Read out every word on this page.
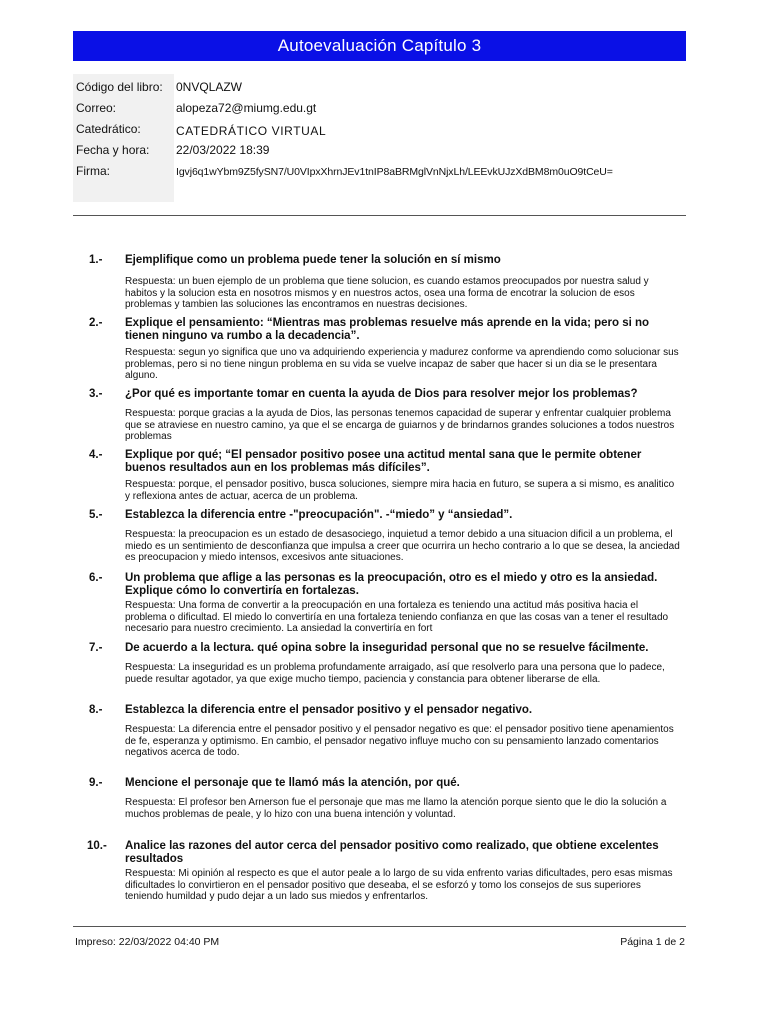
Autoevaluación Capítulo 3
Código del libro: 0NVQLAZW
Correo:	alopeza72@miumg.edu.gt
Catedrático:	CATEDRÁTICO VIRTUAL
Fecha y hora: 22/03/2022 18:39
Firma:	Igvj6q1wYbm9Z5fySN7/U0VIpxXhrnJEv1tnIP8aBRMglVnNjxLh/LEEvkUJzXdBM8m0uO9tCeU=
1.- Ejemplifique como un problema puede tener la solución en sí mismo
Respuesta: un buen ejemplo de un problema que tiene solucion, es cuando estamos preocupados por nuestra salud y habitos y la solucion esta en nosotros mismos y en nuestros actos, osea una forma de encotrar la solucion de esos problemas y tambien las soluciones las encontramos en nuestras decisiones.
2.- Explique el pensamiento: “Mientras mas problemas resuelve más aprende en la vida; pero si no tienen ninguno va rumbo a la decadencia”.
Respuesta: segun yo significa que uno va adquiriendo experiencia y madurez conforme va aprendiendo como solucionar sus problemas, pero si no tiene ningun problema en su vida se vuelve incapaz de saber que hacer si un dia se le presentara alguno.
3.- ¿Por qué es importante tomar en cuenta la ayuda de Dios para resolver mejor los problemas?
Respuesta: porque gracias a la ayuda de Dios, las personas tenemos capacidad de superar y enfrentar cualquier problema que se atraviese en nuestro camino, ya que el se encarga de guiarnos y de brindarnos grandes soluciones a todos nuestros problemas
4.- Explique por qué; “El pensador positivo posee una actitud mental sana que le permite obtener buenos resultados aun en los problemas más difíciles”.
Respuesta: porque, el pensador positivo, busca soluciones, siempre mira hacia en futuro, se supera a si mismo, es analitico y reflexiona antes de actuar, acerca de un problema.
5.- Establezca la diferencia entre -"preocupación". -“miedo” y “ansiedad”.
Respuesta: la preocupacion es un estado de desasociego, inquietud a temor debido a una situacion dificil a un problema, el miedo es un sentimiento de desconfianza que impulsa a creer que ocurrira un hecho contrario a lo que se desea, la anciedad es preocupacion y miedo intensos, excesivos ante situaciones.
6.- Un problema que aflige a las personas es la preocupación, otro es el miedo y otro es la ansiedad. Explique cómo lo convertiría en fortalezas.
Respuesta: Una forma de convertir a la preocupación en una fortaleza es teniendo una actitud más positiva hacia el problema o dificultad. El miedo lo convertiría en una fortaleza teniendo confianza en que las cosas van a tener el resultado necesario para nuestro crecimiento. La ansiedad la convertiría en fort
7.- De acuerdo a la lectura. qué opina sobre la inseguridad personal que no se resuelve fácilmente.
Respuesta: La inseguridad es un problema profundamente arraigado, así que resolverlo para una persona que lo padece, puede resultar agotador, ya que exige mucho tiempo, paciencia y constancia para obtener liberarse de ella.
8.- Establezca la diferencia entre el pensador positivo y el pensador negativo.
Respuesta: La diferencia entre el pensador positivo y el pensador negativo es que: el pensador positivo tiene apenamientos de fe, esperanza y optimismo. En cambio, el pensador negativo influye mucho con su pensamiento lanzado comentarios negativos acerca de todo.
9.- Mencione el personaje que te llamó más la atención, por qué.
Respuesta: El profesor ben Arnerson fue el personaje que mas me llamo la atención porque siento que le dio la solución a muchos problemas de peale, y lo hizo con una buena intención y voluntad.
10.- Analice las razones del autor cerca del pensador positivo como realizado, que obtiene excelentes resultados
Respuesta: Mi opinión al respecto es que el autor peale a lo largo de su vida enfrento varias dificultades, pero esas mismas dificultades lo convirtieron en el pensador positivo que deseaba, el se esforzó y tomo los consejos de sus superiores teniendo humildad y pudo dejar a un lado sus miedos y enfrentarlos.
Impreso: 22/03/2022 04:40 PM	Página 1 de 2
